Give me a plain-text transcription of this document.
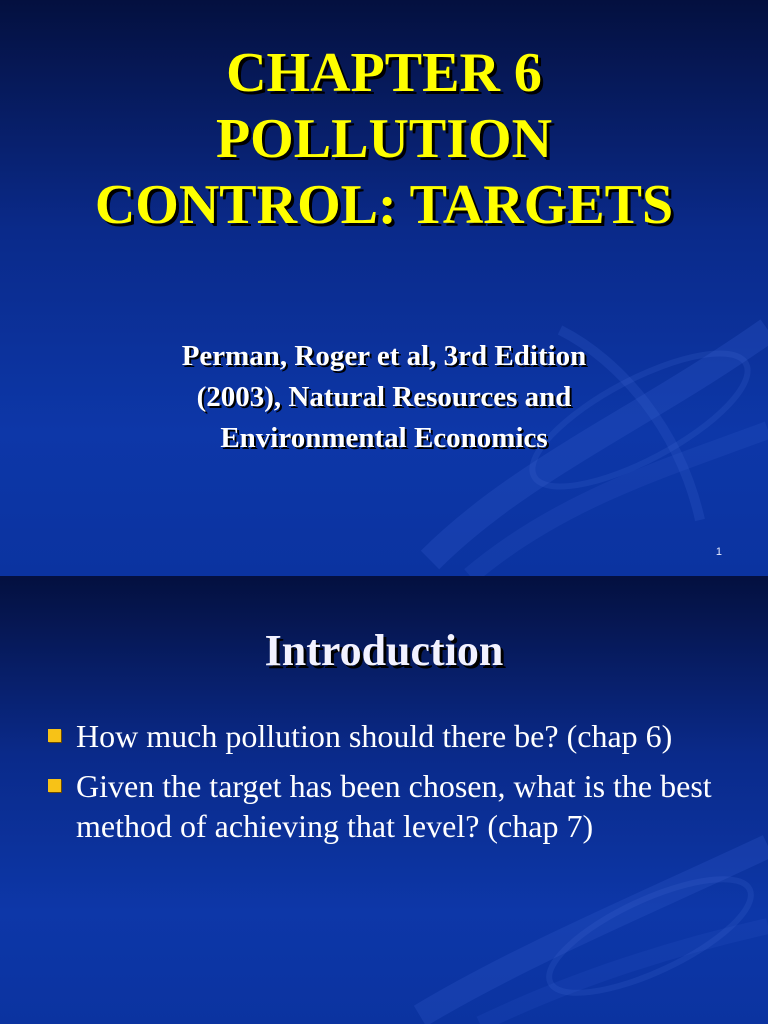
CHAPTER 6
POLLUTION
CONTROL: TARGETS

Perman, Roger et al, 3rd Edition
(2003), Natural Resources and
Environmental Economics

1
Introduction
How much pollution should there be? (chap 6)
Given the target has been chosen, what is the best method of achieving that level? (chap 7)
